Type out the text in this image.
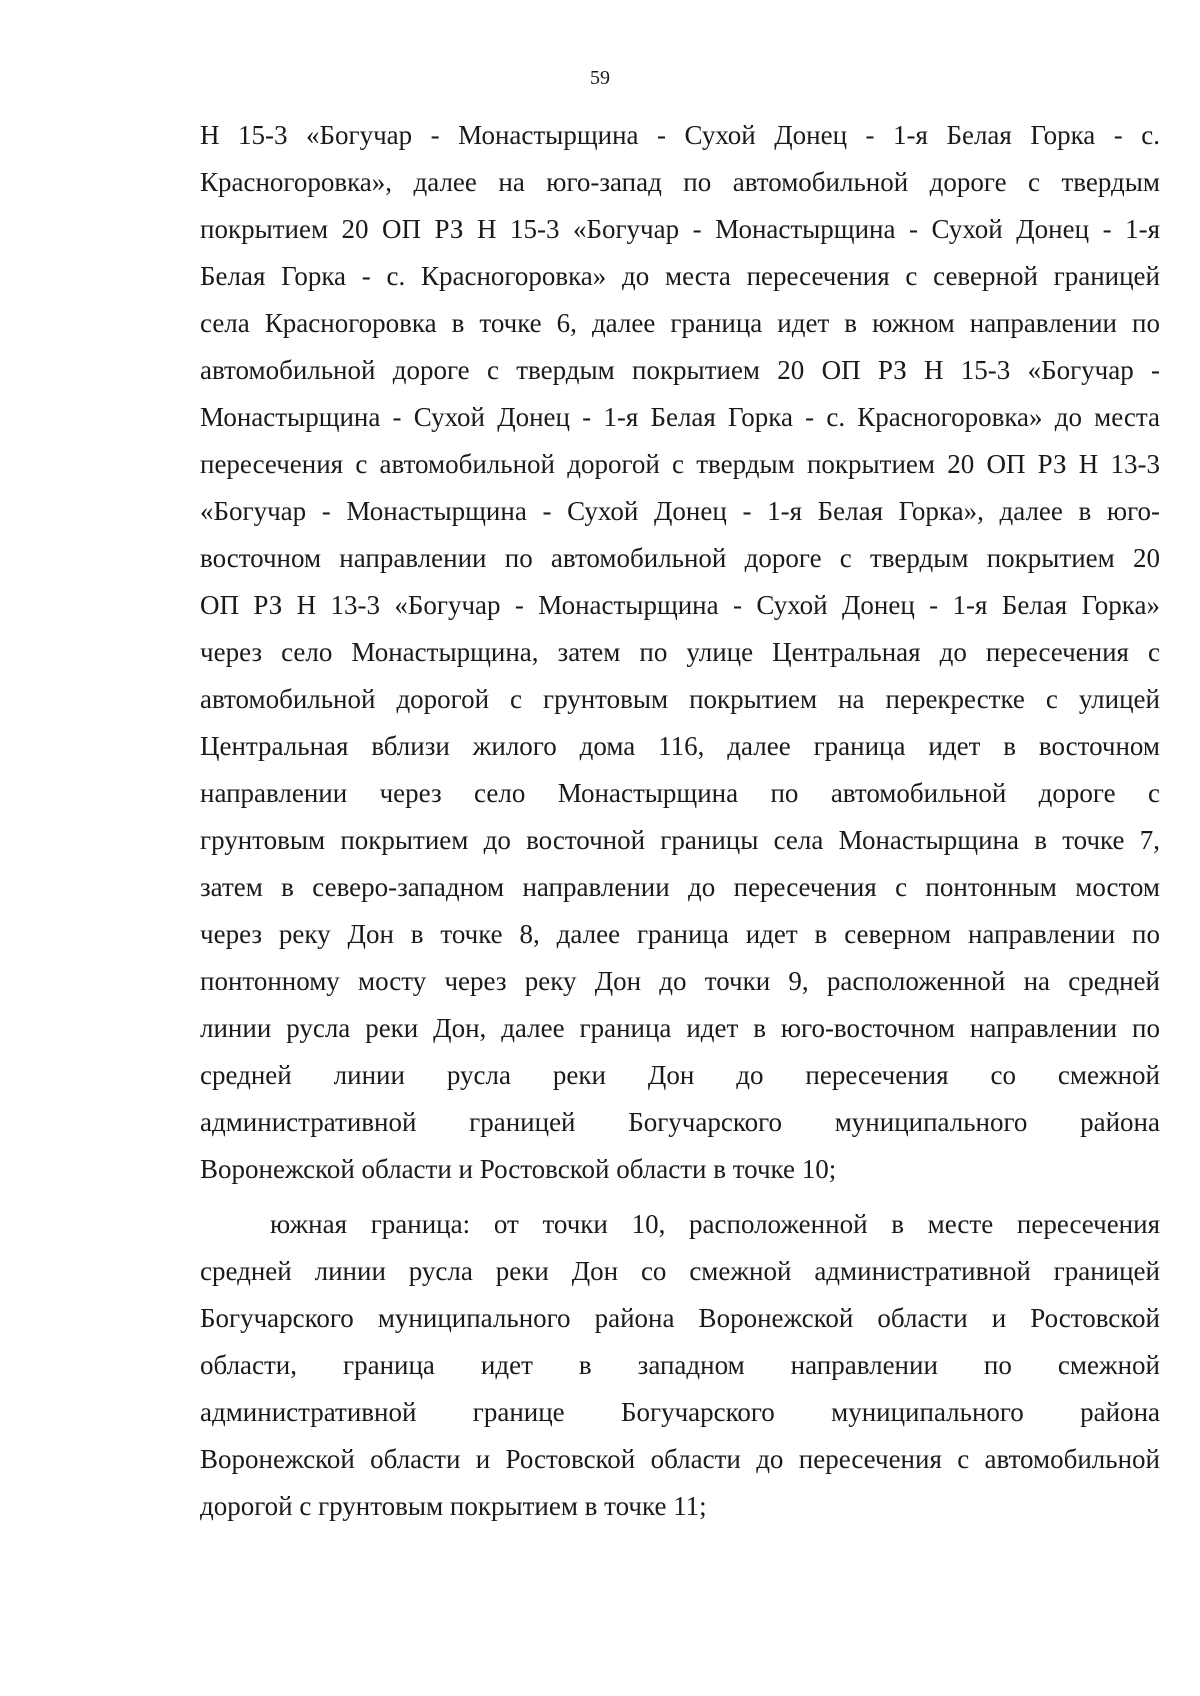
59
Н 15-3 «Богучар - Монастырщина - Сухой Донец - 1-я Белая Горка - с.
Красногоровка», далее на юго-запад по автомобильной дороге с твердым
покрытием 20 ОП РЗ Н 15-3 «Богучар - Монастырщина - Сухой Донец - 1-я
Белая Горка - с. Красногоровка» до места пересечения с северной границей
села Красногоровка в точке 6, далее граница идет в южном направлении по
автомобильной дороге с твердым покрытием 20 ОП РЗ Н 15-3 «Богучар -
Монастырщина - Сухой Донец - 1-я Белая Горка - с. Красногоровка» до места
пересечения с автомобильной дорогой с твердым покрытием 20 ОП РЗ Н 13-3
«Богучар - Монастырщина - Сухой Донец - 1-я Белая Горка», далее в юго-
восточном направлении по автомобильной дороге с твердым покрытием 20
ОП РЗ Н 13-3 «Богучар - Монастырщина - Сухой Донец - 1-я Белая Горка»
через село Монастырщина, затем по улице Центральная до пересечения с
автомобильной дорогой с грунтовым покрытием на перекрестке с улицей
Центральная вблизи жилого дома 116, далее граница идет в восточном
направлении через село Монастырщина по автомобильной дороге с
грунтовым покрытием до восточной границы села Монастырщина в точке 7,
затем в северо-западном направлении до пересечения с понтонным мостом
через реку Дон в точке 8, далее граница идет в северном направлении по
понтонному мосту через реку Дон до точки 9, расположенной на средней
линии русла реки Дон, далее граница идет в юго-восточном направлении по
средней линии русла реки Дон до пересечения со смежной
административной границей Богучарского муниципального района
Воронежской области и Ростовской области в точке 10;
южная граница: от точки 10, расположенной в месте пересечения
средней линии русла реки Дон со смежной административной границей
Богучарского муниципального района Воронежской области и Ростовской
области, граница идет в западном направлении по смежной
административной границе Богучарского муниципального района
Воронежской области и Ростовской области до пересечения с автомобильной
дорогой с грунтовым покрытием в точке 11;
